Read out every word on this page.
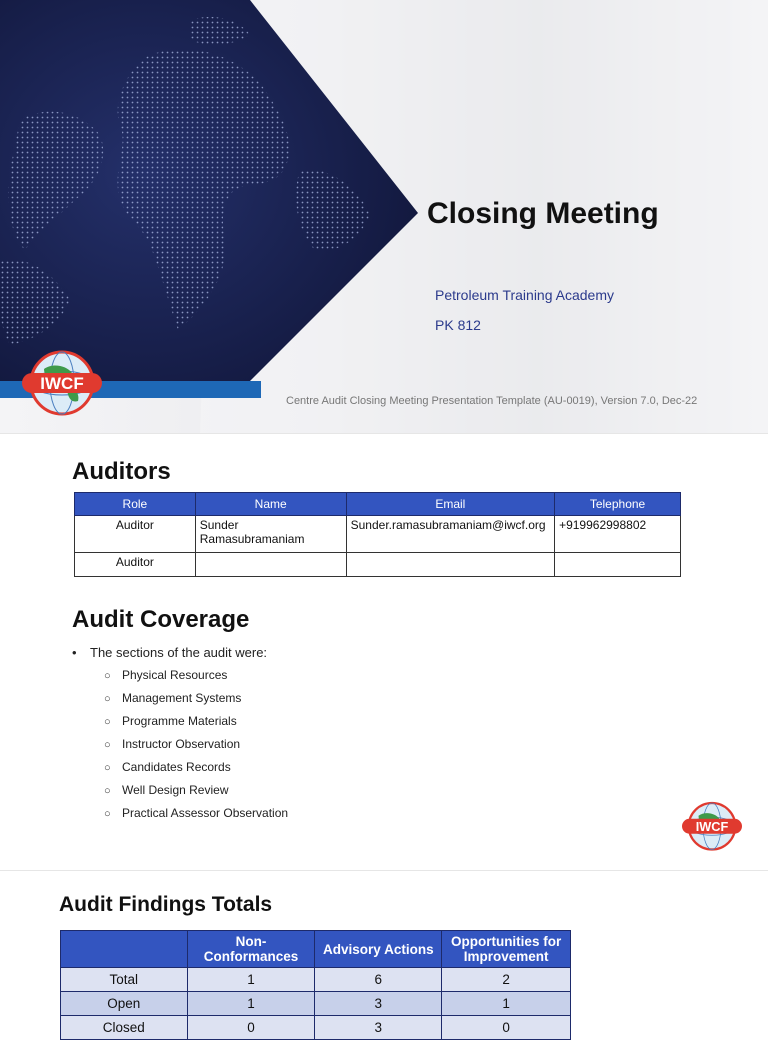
IWCF
Closing Meeting
Petroleum Training Academy
PK 812
Centre Audit Closing Meeting Presentation Template (AU-0019), Version 7.0, Dec-22
Auditors
Role	Name	Email	Telephone
Auditor	Sunder Ramasubramaniam	Sunder.ramasubramaniam@iwcf.org	+919962998802
Auditor			
Audit Coverage
• The sections of the audit were:
○ Physical Resources
○ Management Systems
○ Programme Materials
○ Instructor Observation
○ Candidates Records
○ Well Design Review
○ Practical Assessor Observation
IWCF
Audit Findings Totals
	Non-Conformances	Advisory Actions	Opportunities for Improvement
Total	1	6	2
Open	1	3	1
Closed	0	3	0
